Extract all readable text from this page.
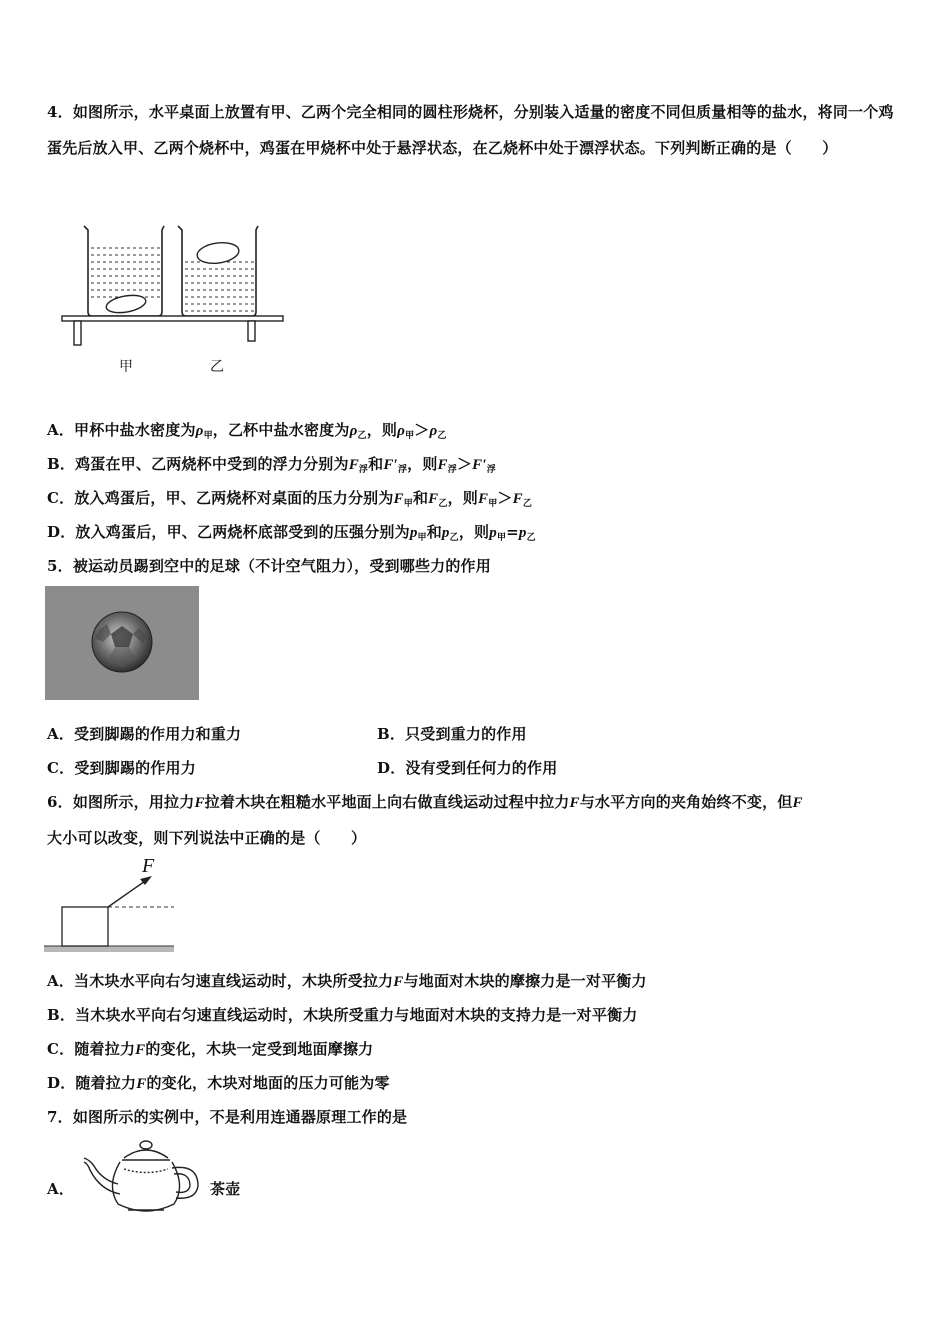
4．如图所示，水平桌面上放置有甲、乙两个完全相同的圆柱形烧杯，分别装入适量的密度不同但质量相等的盐水，将同一个鸡蛋先后放入甲、乙两个烧杯中，鸡蛋在甲烧杯中处于悬浮状态，在乙烧杯中处于漂浮状态。下列判断正确的是（　　）
甲	乙
A．甲杯中盐水密度为$\rho_甲$，乙杯中盐水密度为$\rho_乙$，则$\rho_甲>\rho_乙$
B．鸡蛋在甲、乙两烧杯中受到的浮力分别为$F_浮$和$F'_浮$，则$F_浮>F'_浮$
C．放入鸡蛋后，甲、乙两烧杯对桌面的压力分别为$F_甲$和$F_乙$，则$F_甲>F_乙$
D．放入鸡蛋后，甲、乙两烧杯底部受到的压强分别为$p_甲$和$p_乙$，则$p_甲=p_乙$
5．被运动员踢到空中的足球（不计空气阻力），受到哪些力的作用
A．受到脚踢的作用力和重力	B．只受到重力的作用
C．受到脚踢的作用力	D．没有受到任何力的作用
6．如图所示，用拉力F拉着木块在粗糙水平地面上向右做直线运动过程中拉力F与水平方向的夹角始终不变，但F
大小可以改变，则下列说法中正确的是（　　）
F
A．当木块水平向右匀速直线运动时，木块所受拉力F与地面对木块的摩擦力是一对平衡力
B．当木块水平向右匀速直线运动时，木块所受重力与地面对木块的支持力是一对平衡力
C．随着拉力F的变化，木块一定受到地面摩擦力
D．随着拉力F的变化，木块对地面的压力可能为零
7．如图所示的实例中，不是利用连通器原理工作的是
A．	茶壶
